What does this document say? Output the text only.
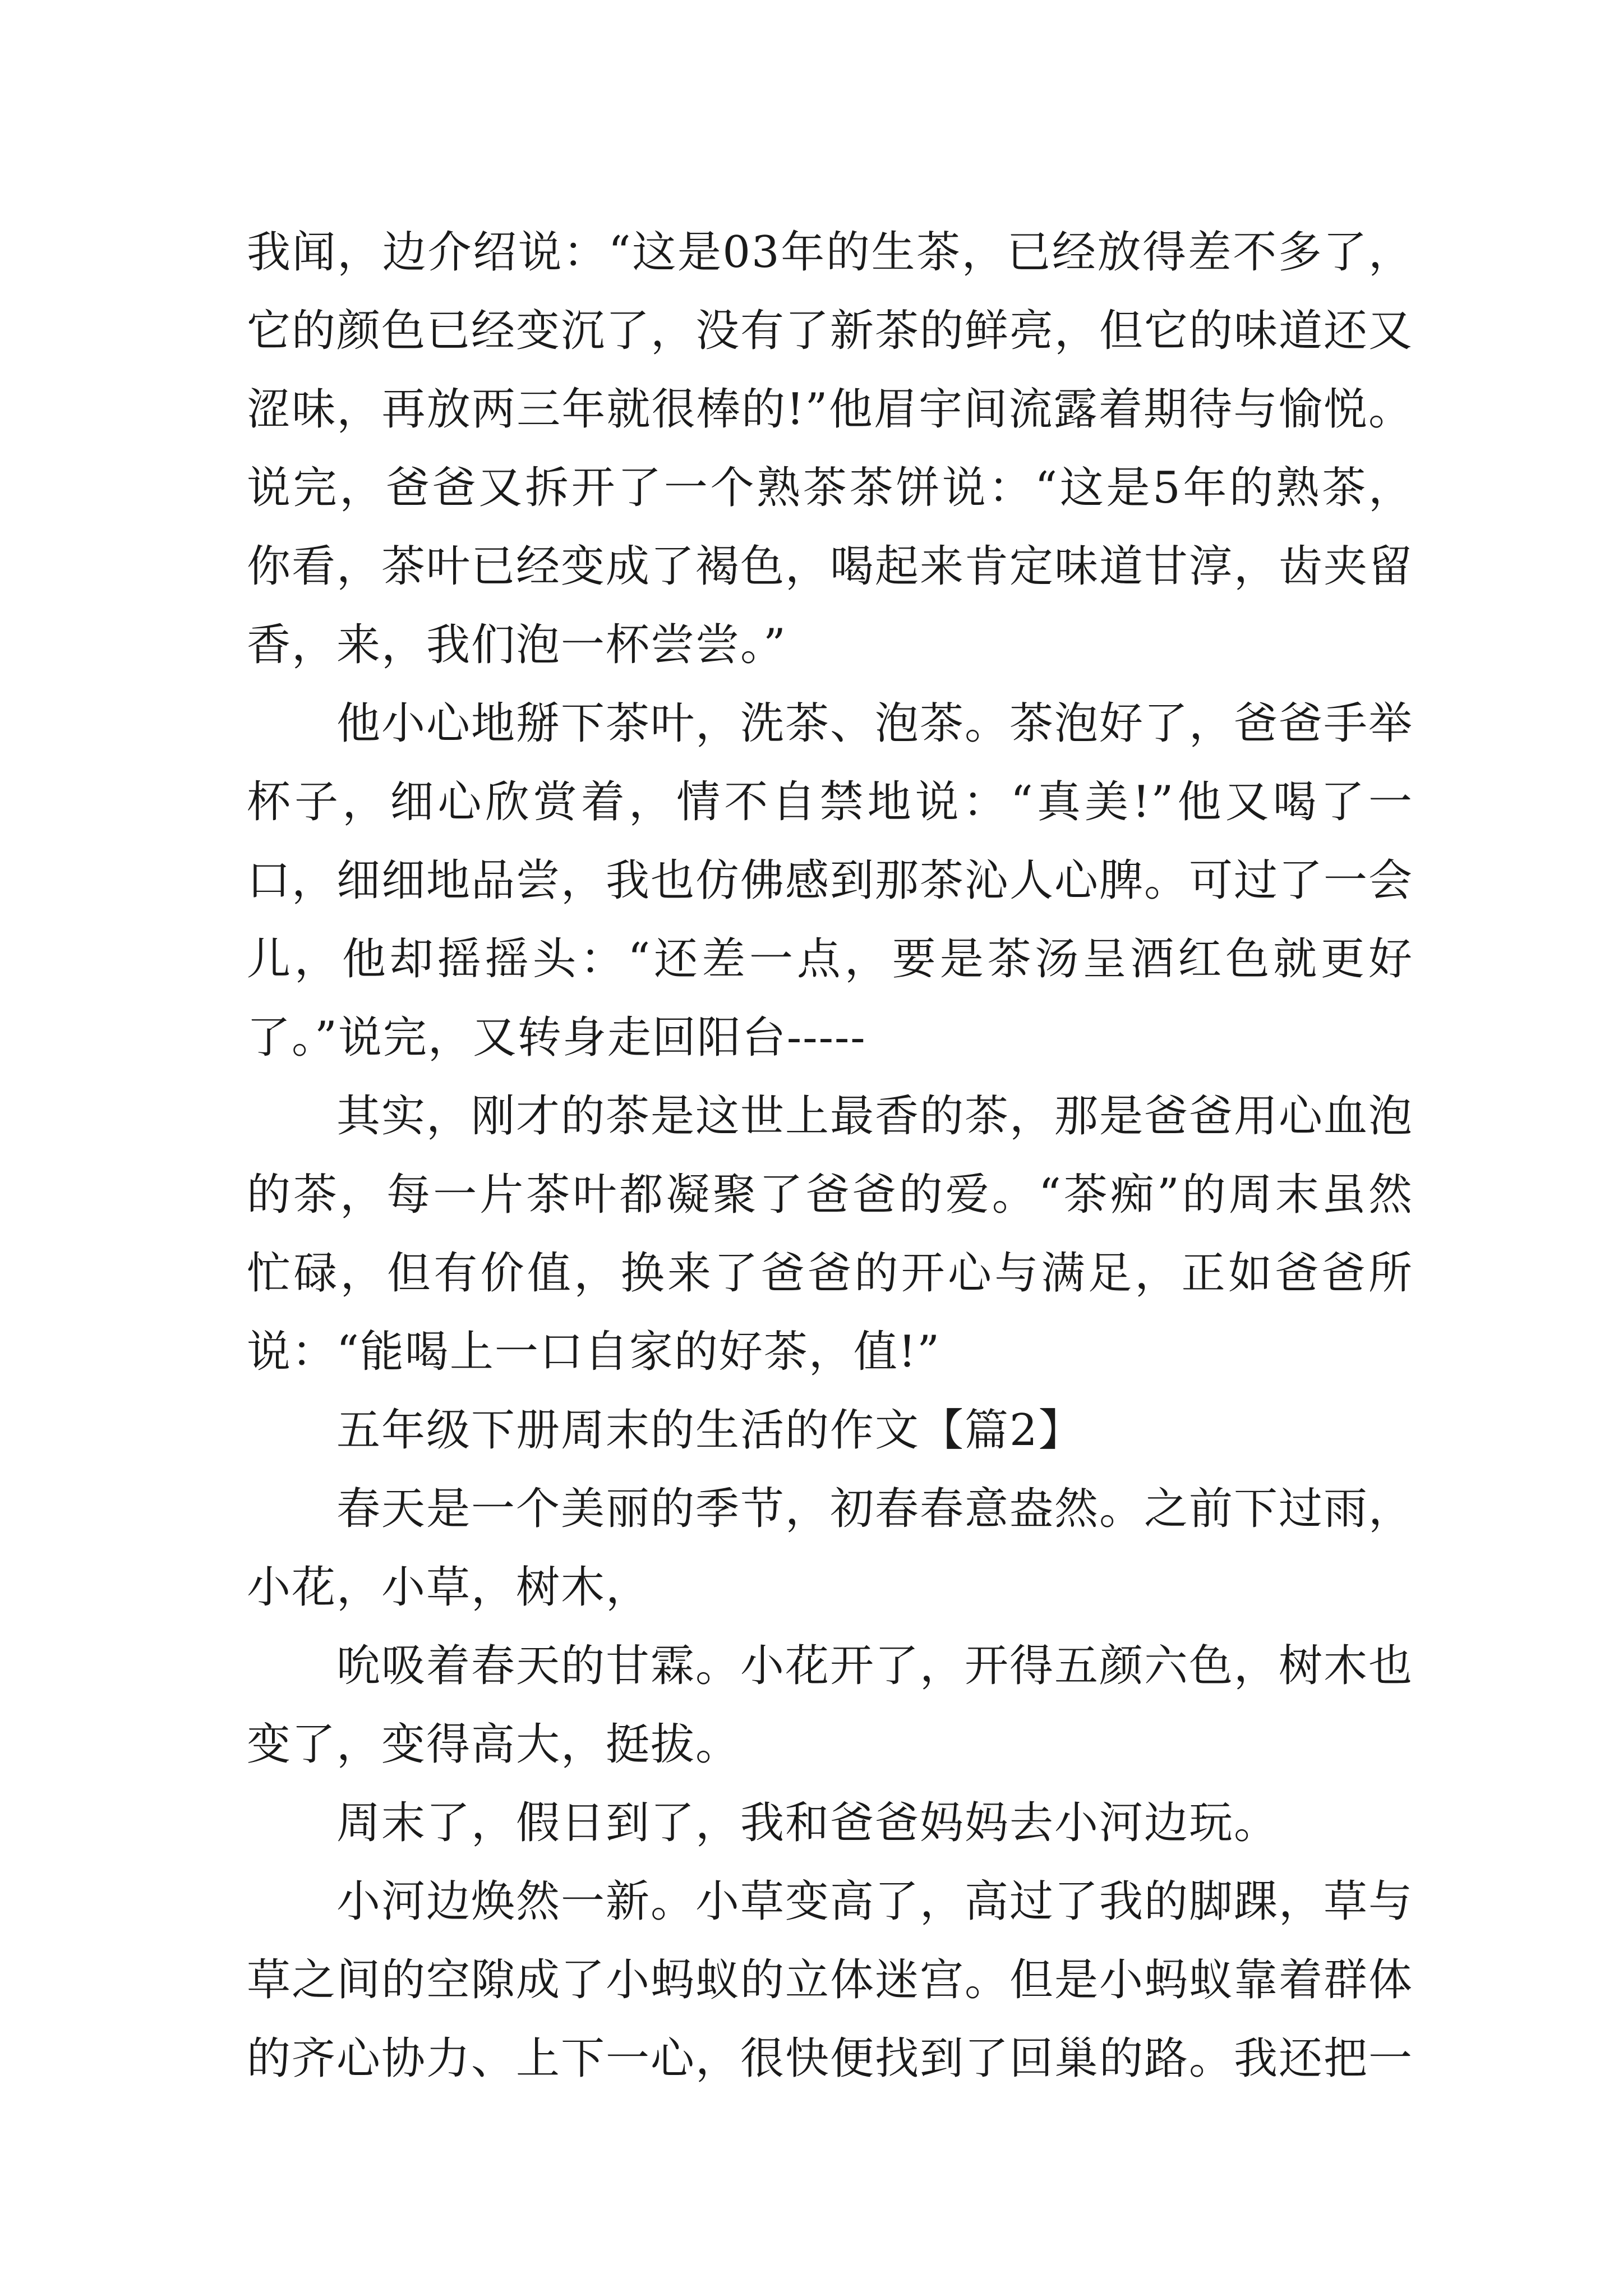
我闻，边介绍说：“这是03年的生茶，已经放得差不多了，它的颜色已经变沉了，没有了新茶的鲜亮，但它的味道还又涩味，再放两三年就很棒的!”他眉宇间流露着期待与愉悦。说完，爸爸又拆开了一个熟茶茶饼说：“这是5年的熟茶，你看，茶叶已经变成了褐色，喝起来肯定味道甘淳，齿夹留香，来，我们泡一杯尝尝。”

他小心地掰下茶叶，洗茶、泡茶。茶泡好了，爸爸手举杯子，细心欣赏着，情不自禁地说：“真美!”他又喝了一口，细细地品尝，我也仿佛感到那茶沁人心脾。可过了一会儿，他却摇摇头：“还差一点，要是茶汤呈酒红色就更好了。”说完，又转身走回阳台-----

其实，刚才的茶是这世上最香的茶，那是爸爸用心血泡的茶，每一片茶叶都凝聚了爸爸的爱。“茶痴”的周末虽然忙碌，但有价值，换来了爸爸的开心与满足，正如爸爸所说：“能喝上一口自家的好茶，值!”

五年级下册周末的生活的作文【篇2】

春天是一个美丽的季节，初春春意盎然。之前下过雨，小花，小草，树木，

吮吸着春天的甘霖。小花开了，开得五颜六色，树木也变了，变得高大，挺拔。

周末了，假日到了，我和爸爸妈妈去小河边玩。

小河边焕然一新。小草变高了，高过了我的脚踝，草与草之间的空隙成了小蚂蚁的立体迷宫。但是小蚂蚁靠着群体的齐心协力、上下一心，很快便找到了回巢的路。我还把一
